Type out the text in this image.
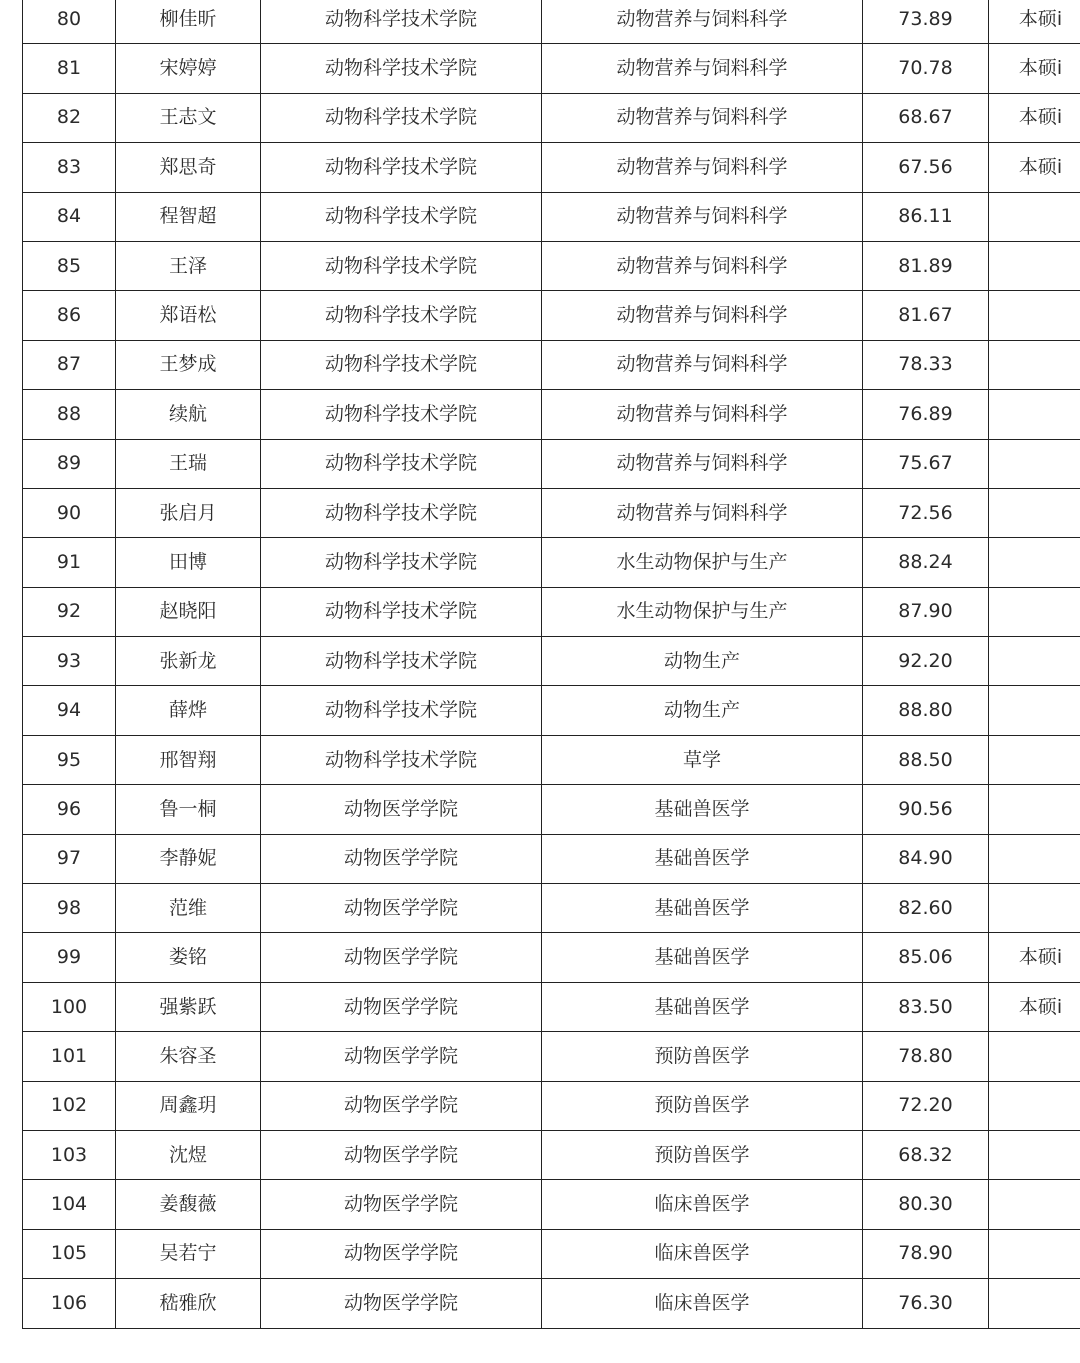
80	柳佳昕	动物科学技术学院	动物营养与饲料科学	73.89	本硕i
81	宋婷婷	动物科学技术学院	动物营养与饲料科学	70.78	本硕i
82	王志文	动物科学技术学院	动物营养与饲料科学	68.67	本硕i
83	郑思奇	动物科学技术学院	动物营养与饲料科学	67.56	本硕i
84	程智超	动物科学技术学院	动物营养与饲料科学	86.11	
85	王泽	动物科学技术学院	动物营养与饲料科学	81.89	
86	郑语松	动物科学技术学院	动物营养与饲料科学	81.67	
87	王梦成	动物科学技术学院	动物营养与饲料科学	78.33	
88	续航	动物科学技术学院	动物营养与饲料科学	76.89	
89	王瑞	动物科学技术学院	动物营养与饲料科学	75.67	
90	张启月	动物科学技术学院	动物营养与饲料科学	72.56	
91	田博	动物科学技术学院	水生动物保护与生产	88.24	
92	赵晓阳	动物科学技术学院	水生动物保护与生产	87.90	
93	张新龙	动物科学技术学院	动物生产	92.20	
94	薛烨	动物科学技术学院	动物生产	88.80	
95	邢智翔	动物科学技术学院	草学	88.50	
96	鲁一桐	动物医学学院	基础兽医学	90.56	
97	李静妮	动物医学学院	基础兽医学	84.90	
98	范维	动物医学学院	基础兽医学	82.60	
99	娄铭	动物医学学院	基础兽医学	85.06	本硕i
100	强紫跃	动物医学学院	基础兽医学	83.50	本硕i
101	朱容圣	动物医学学院	预防兽医学	78.80	
102	周鑫玥	动物医学学院	预防兽医学	72.20	
103	沈煜	动物医学学院	预防兽医学	68.32	
104	姜馥薇	动物医学学院	临床兽医学	80.30	
105	吴若宁	动物医学学院	临床兽医学	78.90	
106	嵇雅欣	动物医学学院	临床兽医学	76.30	
